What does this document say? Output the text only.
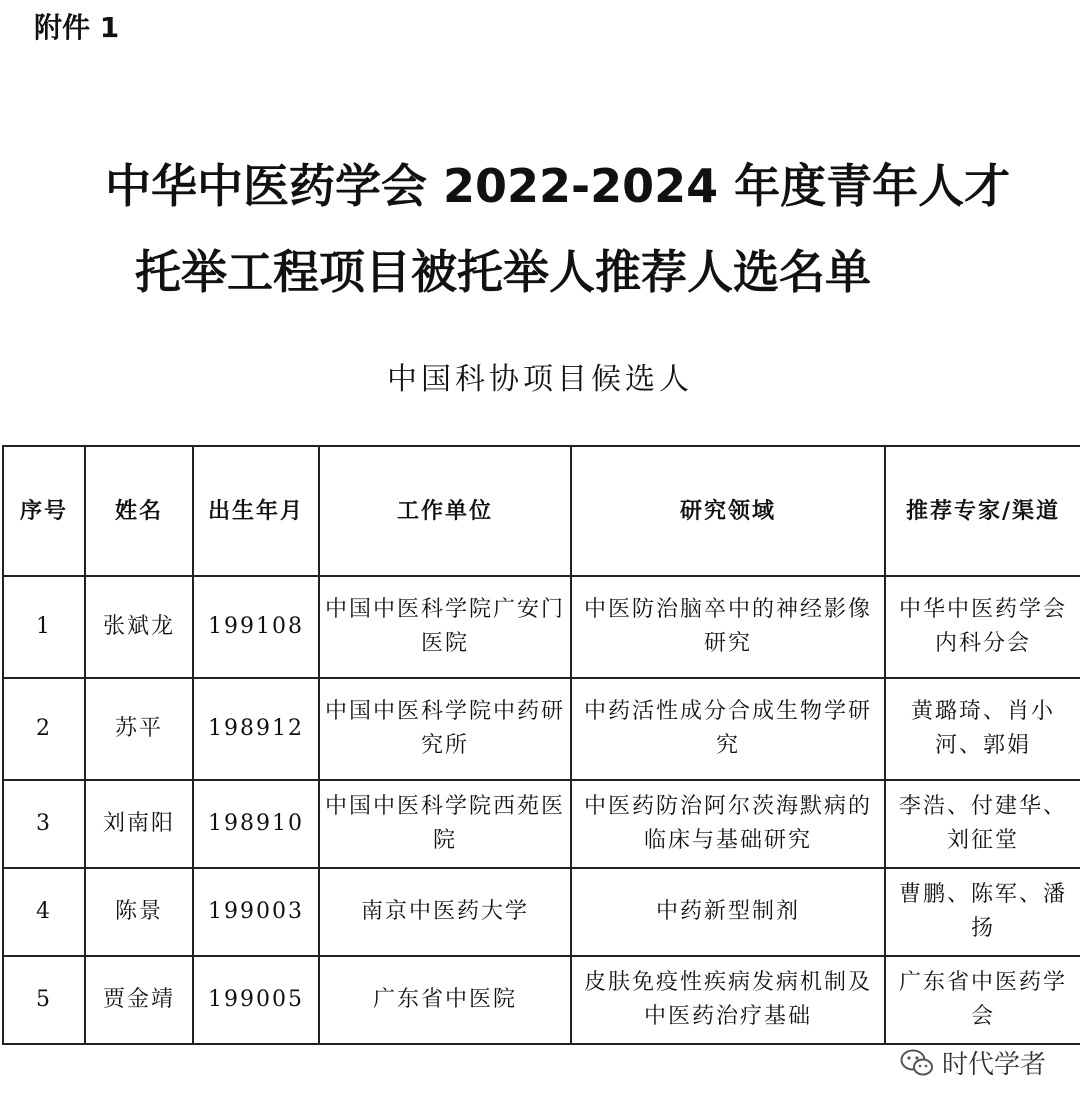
附件 1
中华中医药学会 2022-2024 年度青年人才
托举工程项目被托举人推荐人选名单
中国科协项目候选人
序号	姓名	出生年月	工作单位	研究领域	推荐专家/渠道
1	张斌龙	199108	中国中医科学院广安门医院	中医防治脑卒中的神经影像研究	中华中医药学会内科分会
2	苏平	198912	中国中医科学院中药研究所	中药活性成分合成生物学研究	黄璐琦、肖小河、郭娟
3	刘南阳	198910	中国中医科学院西苑医院	中医药防治阿尔茨海默病的临床与基础研究	李浩、付建华、刘征堂
4	陈景	199003	南京中医药大学	中药新型制剂	曹鹏、陈军、潘扬
5	贾金靖	199005	广东省中医院	皮肤免疫性疾病发病机制及中医药治疗基础	广东省中医药学会
时代学者
